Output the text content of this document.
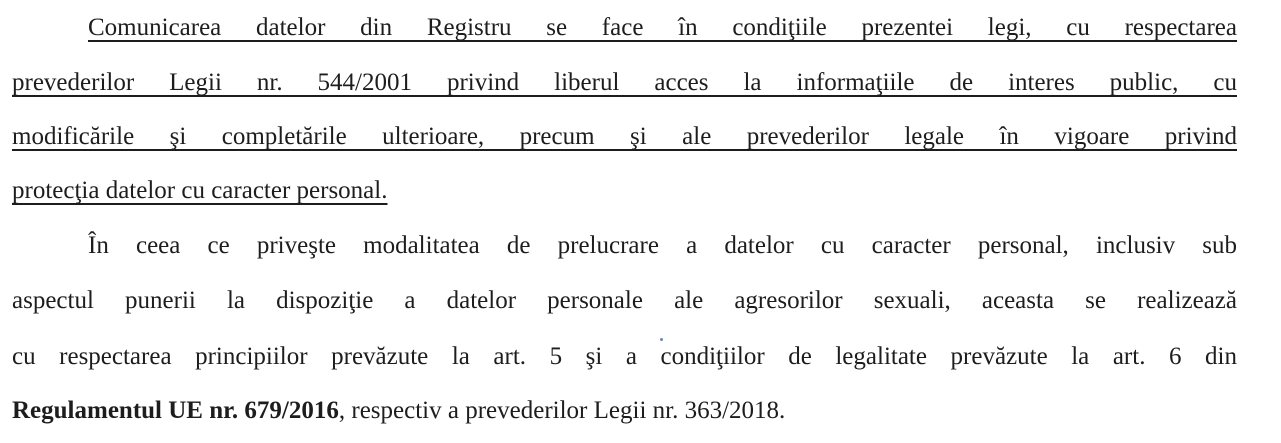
Comunicarea datelor din Registru se face în condiţiile prezentei legi, cu respectarea
prevederilor Legii nr. 544/2001 privind liberul acces la informaţiile de interes public, cu
modificările şi completările ulterioare, precum şi ale prevederilor legale în vigoare privind
protecţia datelor cu caracter personal.
În ceea ce priveşte modalitatea de prelucrare a datelor cu caracter personal, inclusiv sub
aspectul punerii la dispoziţie a datelor personale ale agresorilor sexuali, aceasta se realizează
cu respectarea principiilor prevăzute la art. 5 şi a condiţiilor de legalitate prevăzute la art. 6 din
Regulamentul UE nr. 679/2016, respectiv a prevederilor Legii nr. 363/2018.
